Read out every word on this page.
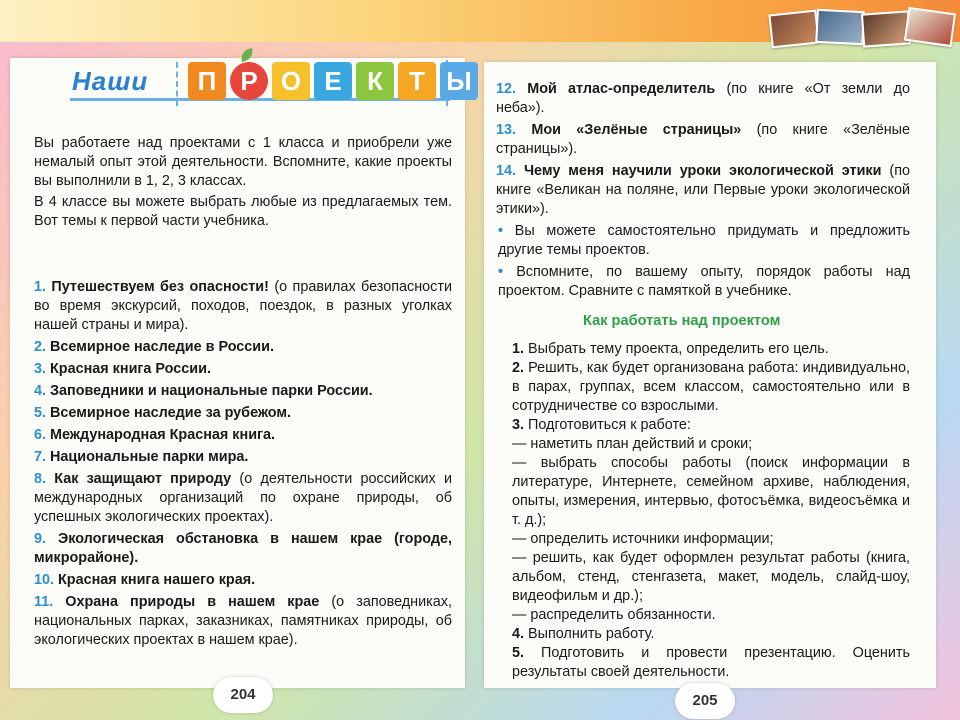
Наши	П Р О Е К	Т Ы

Вы работаете над проектами с 1 класса и приобрели уже немалый опыт этой деятельности. Вспомните, какие проекты вы выполнили в 1, 2, 3 классах.

В 4 классе вы можете выбрать любые из предлагаемых тем. Вот темы к первой части учебника.

1. Путешествуем без опасности! (о правилах безопасности во время экскурсий, походов, поездок, в разных уголках нашей страны и мира).

2. Всемирное наследие в России.

3. Красная книга России.

4. Заповедники и национальные парки России.

5. Всемирное наследие за рубежом.

6. Международная Красная книга.

7. Национальные парки мира.

8. Как защищают природу (о деятельности российских и международных организаций по охране природы, об успешных экологических проектах).

9. Экологическая обстановка в нашем крае (городе, микрорайоне).

10. Красная книга нашего края.

11. Охрана природы в нашем крае (о заповедниках, национальных парках, заказниках, памятниках природы, об экологических проектах в нашем крае).

204

12. Мой атлас-определитель (по книге «От земли до неба»).

13. Мои «Зелёные страницы» (по книге «Зелёные страницы»).

14. Чему меня научили уроки экологической этики (по книге «Великан на поляне, или Первые уроки экологической этики»).

• Вы можете самостоятельно придумать и предложить другие темы проектов.

• Вспомните, по вашему опыту, порядок работы над проектом. Сравните с памяткой в учебнике.

Как работать над проектом

1. Выбрать тему проекта, определить его цель.

2. Решить, как будет организована работа: индивидуально, в парах, группах, всем классом, самостоятельно или в сотрудничестве со взрослыми.

3. Подготовиться к работе:

— наметить план действий и сроки;

— выбрать способы работы (поиск информации в литературе, Интернете, семейном архиве, наблюдения, опыты, измерения, интервью, фотосъёмка, видеосъёмка и т. д.);

— определить источники информации;

— решить, как будет оформлен результат работы (книга, альбом, стенд, стенгазета, макет, модель, слайд-шоу, видеофильм и др.);

— распределить обязанности.

4. Выполнить работу.

5. Подготовить и провести презентацию. Оценить результаты своей деятельности.

205
